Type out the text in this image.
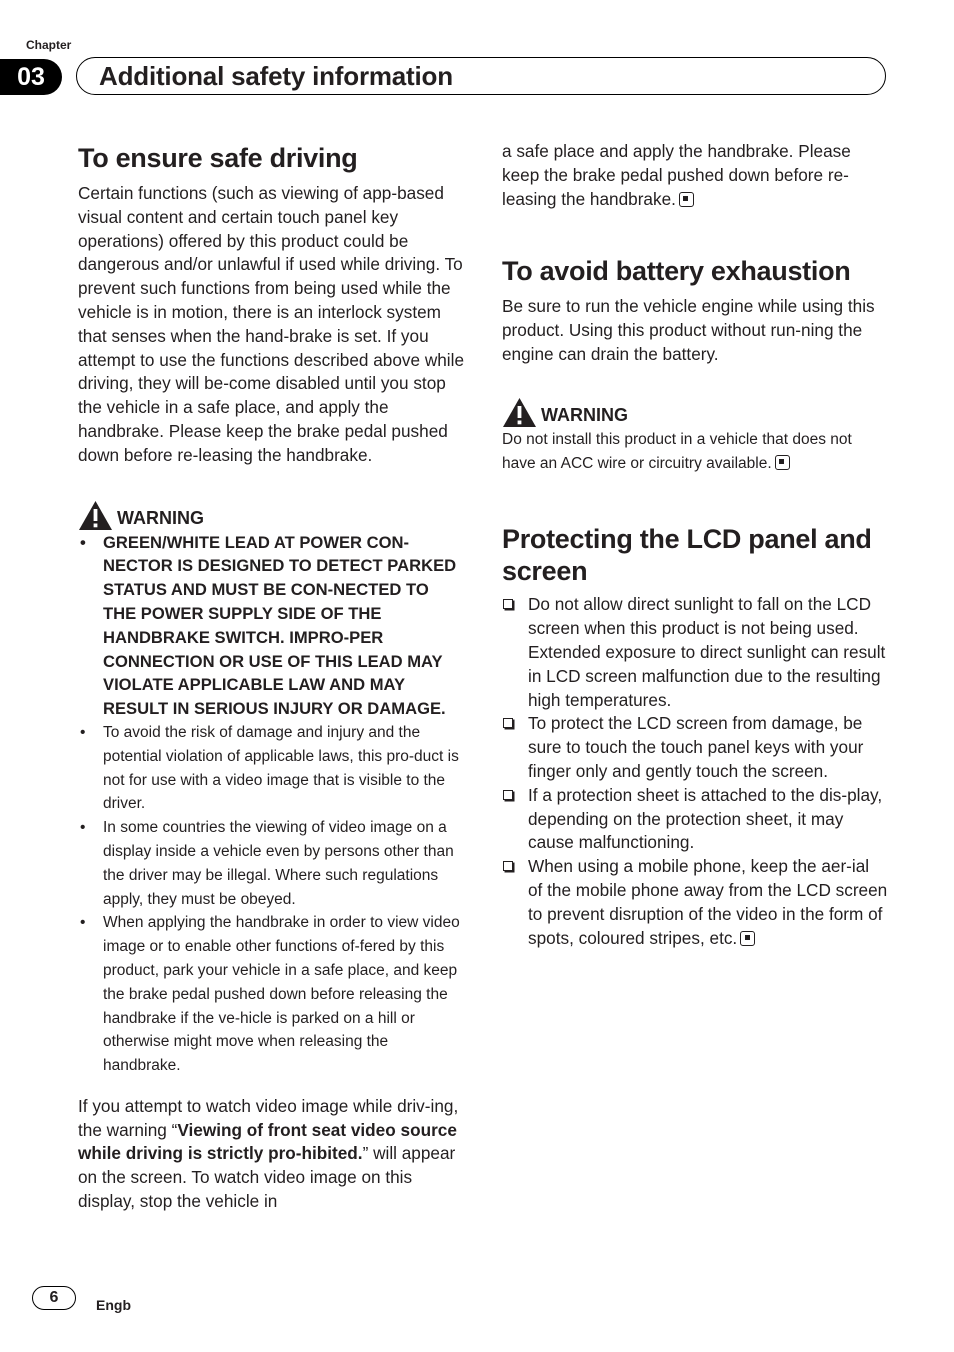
Chapter
03	Additional safety information
To ensure safe driving

Certain functions (such as viewing of app-based visual content and certain touch panel key operations) offered by this product could be dangerous and/or unlawful if used while driving. To prevent such functions from being used while the vehicle is in motion, there is an interlock system that senses when the hand-brake is set. If you attempt to use the functions described above while driving, they will be-come disabled until you stop the vehicle in a safe place, and apply the handbrake. Please keep the brake pedal pushed down before re-leasing the handbrake.

WARNING
• GREEN/WHITE LEAD AT POWER CON-NECTOR IS DESIGNED TO DETECT PARKED STATUS AND MUST BE CON-NECTED TO THE POWER SUPPLY SIDE OF THE HANDBRAKE SWITCH. IMPRO-PER CONNECTION OR USE OF THIS LEAD MAY VIOLATE APPLICABLE LAW AND MAY RESULT IN SERIOUS INJURY OR DAMAGE.
• To avoid the risk of damage and injury and the potential violation of applicable laws, this pro-duct is not for use with a video image that is visible to the driver.
• In some countries the viewing of video image on a display inside a vehicle even by persons other than the driver may be illegal. Where such regulations apply, they must be obeyed.
• When applying the handbrake in order to view video image or to enable other functions of-fered by this product, park your vehicle in a safe place, and keep the brake pedal pushed down before releasing the handbrake if the ve-hicle is parked on a hill or otherwise might move when releasing the handbrake.

If you attempt to watch video image while driv-ing, the warning “Viewing of front seat video source while driving is strictly pro-hibited.” will appear on the screen. To watch video image on this display, stop the vehicle in

a safe place and apply the handbrake. Please keep the brake pedal pushed down before re-leasing the handbrake.

To avoid battery exhaustion

Be sure to run the vehicle engine while using this product. Using this product without run-ning the engine can drain the battery.

WARNING

Do not install this product in a vehicle that does not have an ACC wire or circuitry available.

Protecting the LCD panel and screen
Do not allow direct sunlight to fall on the LCD screen when this product is not being used. Extended exposure to direct sunlight can result in LCD screen malfunction due to the resulting high temperatures.
To protect the LCD screen from damage, be sure to touch the touch panel keys with your finger only and gently touch the screen.
If a protection sheet is attached to the dis-play, depending on the protection sheet, it may cause malfunctioning.
When using a mobile phone, keep the aer-ial of the mobile phone away from the LCD screen to prevent disruption of the video in the form of spots, coloured stripes, etc.
6	Engb
